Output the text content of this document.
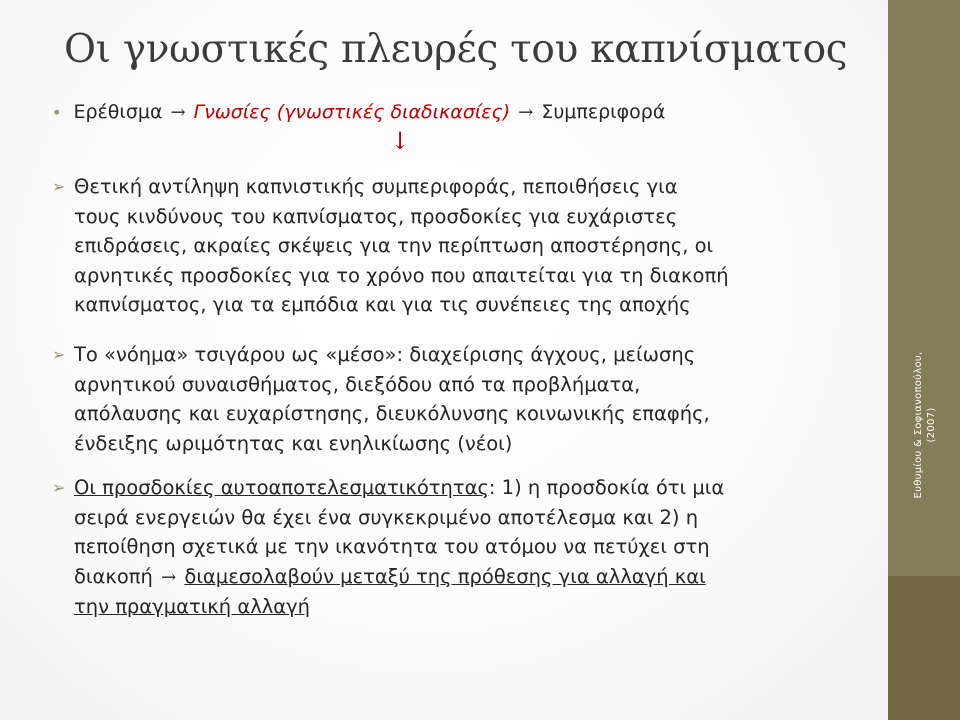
Οι γνωστικές πλευρές του καπνίσματος
• Ερέθισμα → Γνωσίες (γνωστικές διαδικασίες) → Συμπεριφορά
↓
➢ Θετική αντίληψη καπνιστικής συμπεριφοράς, πεποιθήσεις για
τους κινδύνους του καπνίσματος, προσδοκίες για ευχάριστες
επιδράσεις, ακραίες σκέψεις για την περίπτωση αποστέρησης, οι
αρνητικές προσδοκίες για το χρόνο που απαιτείται για τη διακοπή
καπνίσματος, για τα εμπόδια και για τις συνέπειες της αποχής
➢ Το «νόημα» τσιγάρου ως «μέσο»: διαχείρισης άγχους, μείωσης
αρνητικού συναισθήματος, διεξόδου από τα προβλήματα,
απόλαυσης και ευχαρίστησης, διευκόλυνσης κοινωνικής επαφής,
ένδειξης ωριμότητας και ενηλικίωσης (νέοι)
➢ Οι προσδοκίες αυτοαποτελεσματικότητας: 1) η προσδοκία ότι μια
σειρά ενεργειών θα έχει ένα συγκεκριμένο αποτέλεσμα και 2) η
πεποίθηση σχετικά με την ικανότητα του ατόμου να πετύχει στη
διακοπή → διαμεσολαβούν μεταξύ της πρόθεσης για αλλαγή και
την πραγματική αλλαγή
Ευθυμίου & Σοφιανοπούλου, (2007)
